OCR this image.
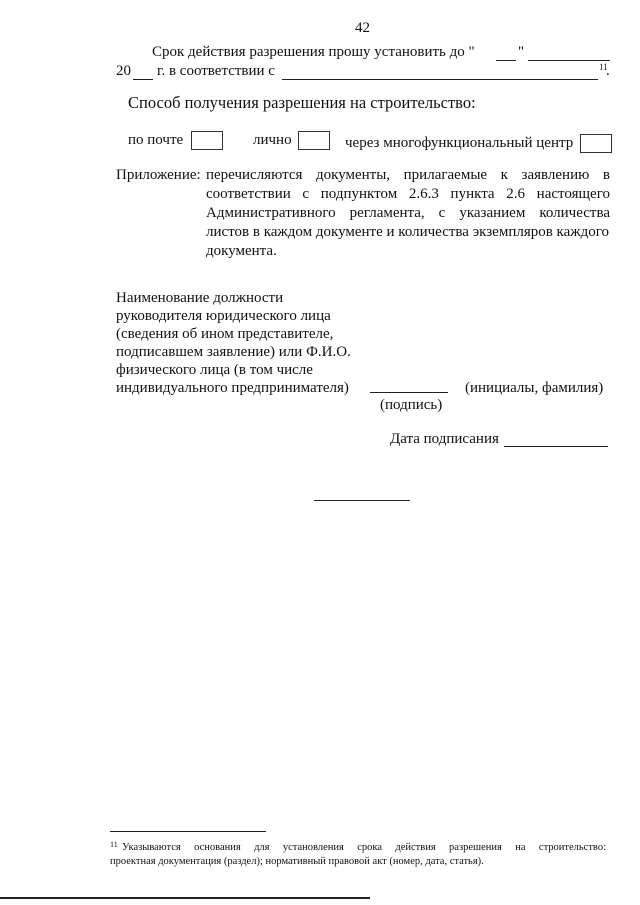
42
Срок действия разрешения прошу установить до "	"
20 г. в соответствии с	11
.
Способ получения разрешения на строительство:
по почте	лично	через многофункциональный центр
Приложение: перечисляются документы, прилагаемые к заявлению в
соответствии с подпунктом 2.6.3 пункта 2.6 настоящего
Административного регламента, с указанием количества
листов в каждом документе и количества экземпляров каждого
документа.
Наименование должности
руководителя юридического лица
(сведения об ином представителе,
подписавшем заявление) или Ф.И.О.
физического лица (в том числе
индивидуального предпринимателя)	(инициалы, фамилия)
(подпись)
Дата подписания
11 Указываются основания для установления срока действия разрешения на строительство:
проектная документация (раздел); нормативный правовой акт (номер, дата, статья).
